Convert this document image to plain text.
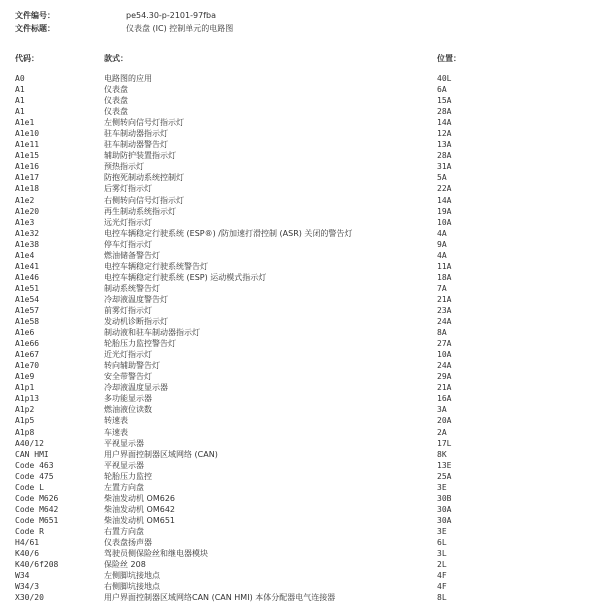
文件编号：	pe54.30-p-2101-97fba
文件标题：	仪表盘 (IC) 控制单元的电路图
代码：	款式：	位置：
A0	电路图的应用	40L
A1	仪表盘	6A
A1	仪表盘	15A
A1	仪表盘	28A
A1e1	左侧转向信号灯指示灯	14A
A1e10	驻车制动器指示灯	12A
A1e11	驻车制动器警告灯	13A
A1e15	辅助防护装置指示灯	28A
A1e16	预热指示灯	31A
A1e17	防抱死制动系统控制灯	5A
A1e18	后雾灯指示灯	22A
A1e2	右侧转向信号灯指示灯	14A
A1e20	再生制动系统指示灯	19A
A1e3	远光灯指示灯	10A
A1e32	电控车辆稳定行驶系统 (ESP®) /防加速打滑控制 (ASR) 关闭的警告灯	4A
A1e38	停车灯指示灯	9A
A1e4	燃油储备警告灯	4A
A1e41	电控车辆稳定行驶系统警告灯	11A
A1e46	电控车辆稳定行驶系统 (ESP) 运动模式指示灯	18A
A1e51	制动系统警告灯	7A
A1e54	冷却液温度警告灯	21A
A1e57	前雾灯指示灯	23A
A1e58	发动机诊断指示灯	24A
A1e6	制动液和驻车制动器指示灯	8A
A1e66	轮胎压力监控警告灯	27A
A1e67	近光灯指示灯	10A
A1e70	转向辅助警告灯	24A
A1e9	安全带警告灯	29A
A1p1	冷却液温度显示器	21A
A1p13	多功能显示器	16A
A1p2	燃油液位读数	3A
A1p5	转速表	20A
A1p8	车速表	2A
A40/12	平视显示器	17L
CAN HMI	用户界面控制器区域网络 (CAN)	8K
Code 463	平视显示器	13E
Code 475	轮胎压力监控	25A
Code L	左置方向盘	3E
Code M626	柴油发动机 OM626	30B
Code M642	柴油发动机 OM642	30A
Code M651	柴油发动机 OM651	30A
Code R	右置方向盘	3E
H4/61	仪表盘扬声器	6L
K40/6	驾驶员侧保险丝和继电器模块	3L
K40/6f208	保险丝 208	2L
W34	左侧脚坑接地点	4F
W34/3	右侧脚坑接地点	4F
X30/20	用户界面控制器区域网络CAN (CAN HMI) 本体分配器电气连接器	8L
